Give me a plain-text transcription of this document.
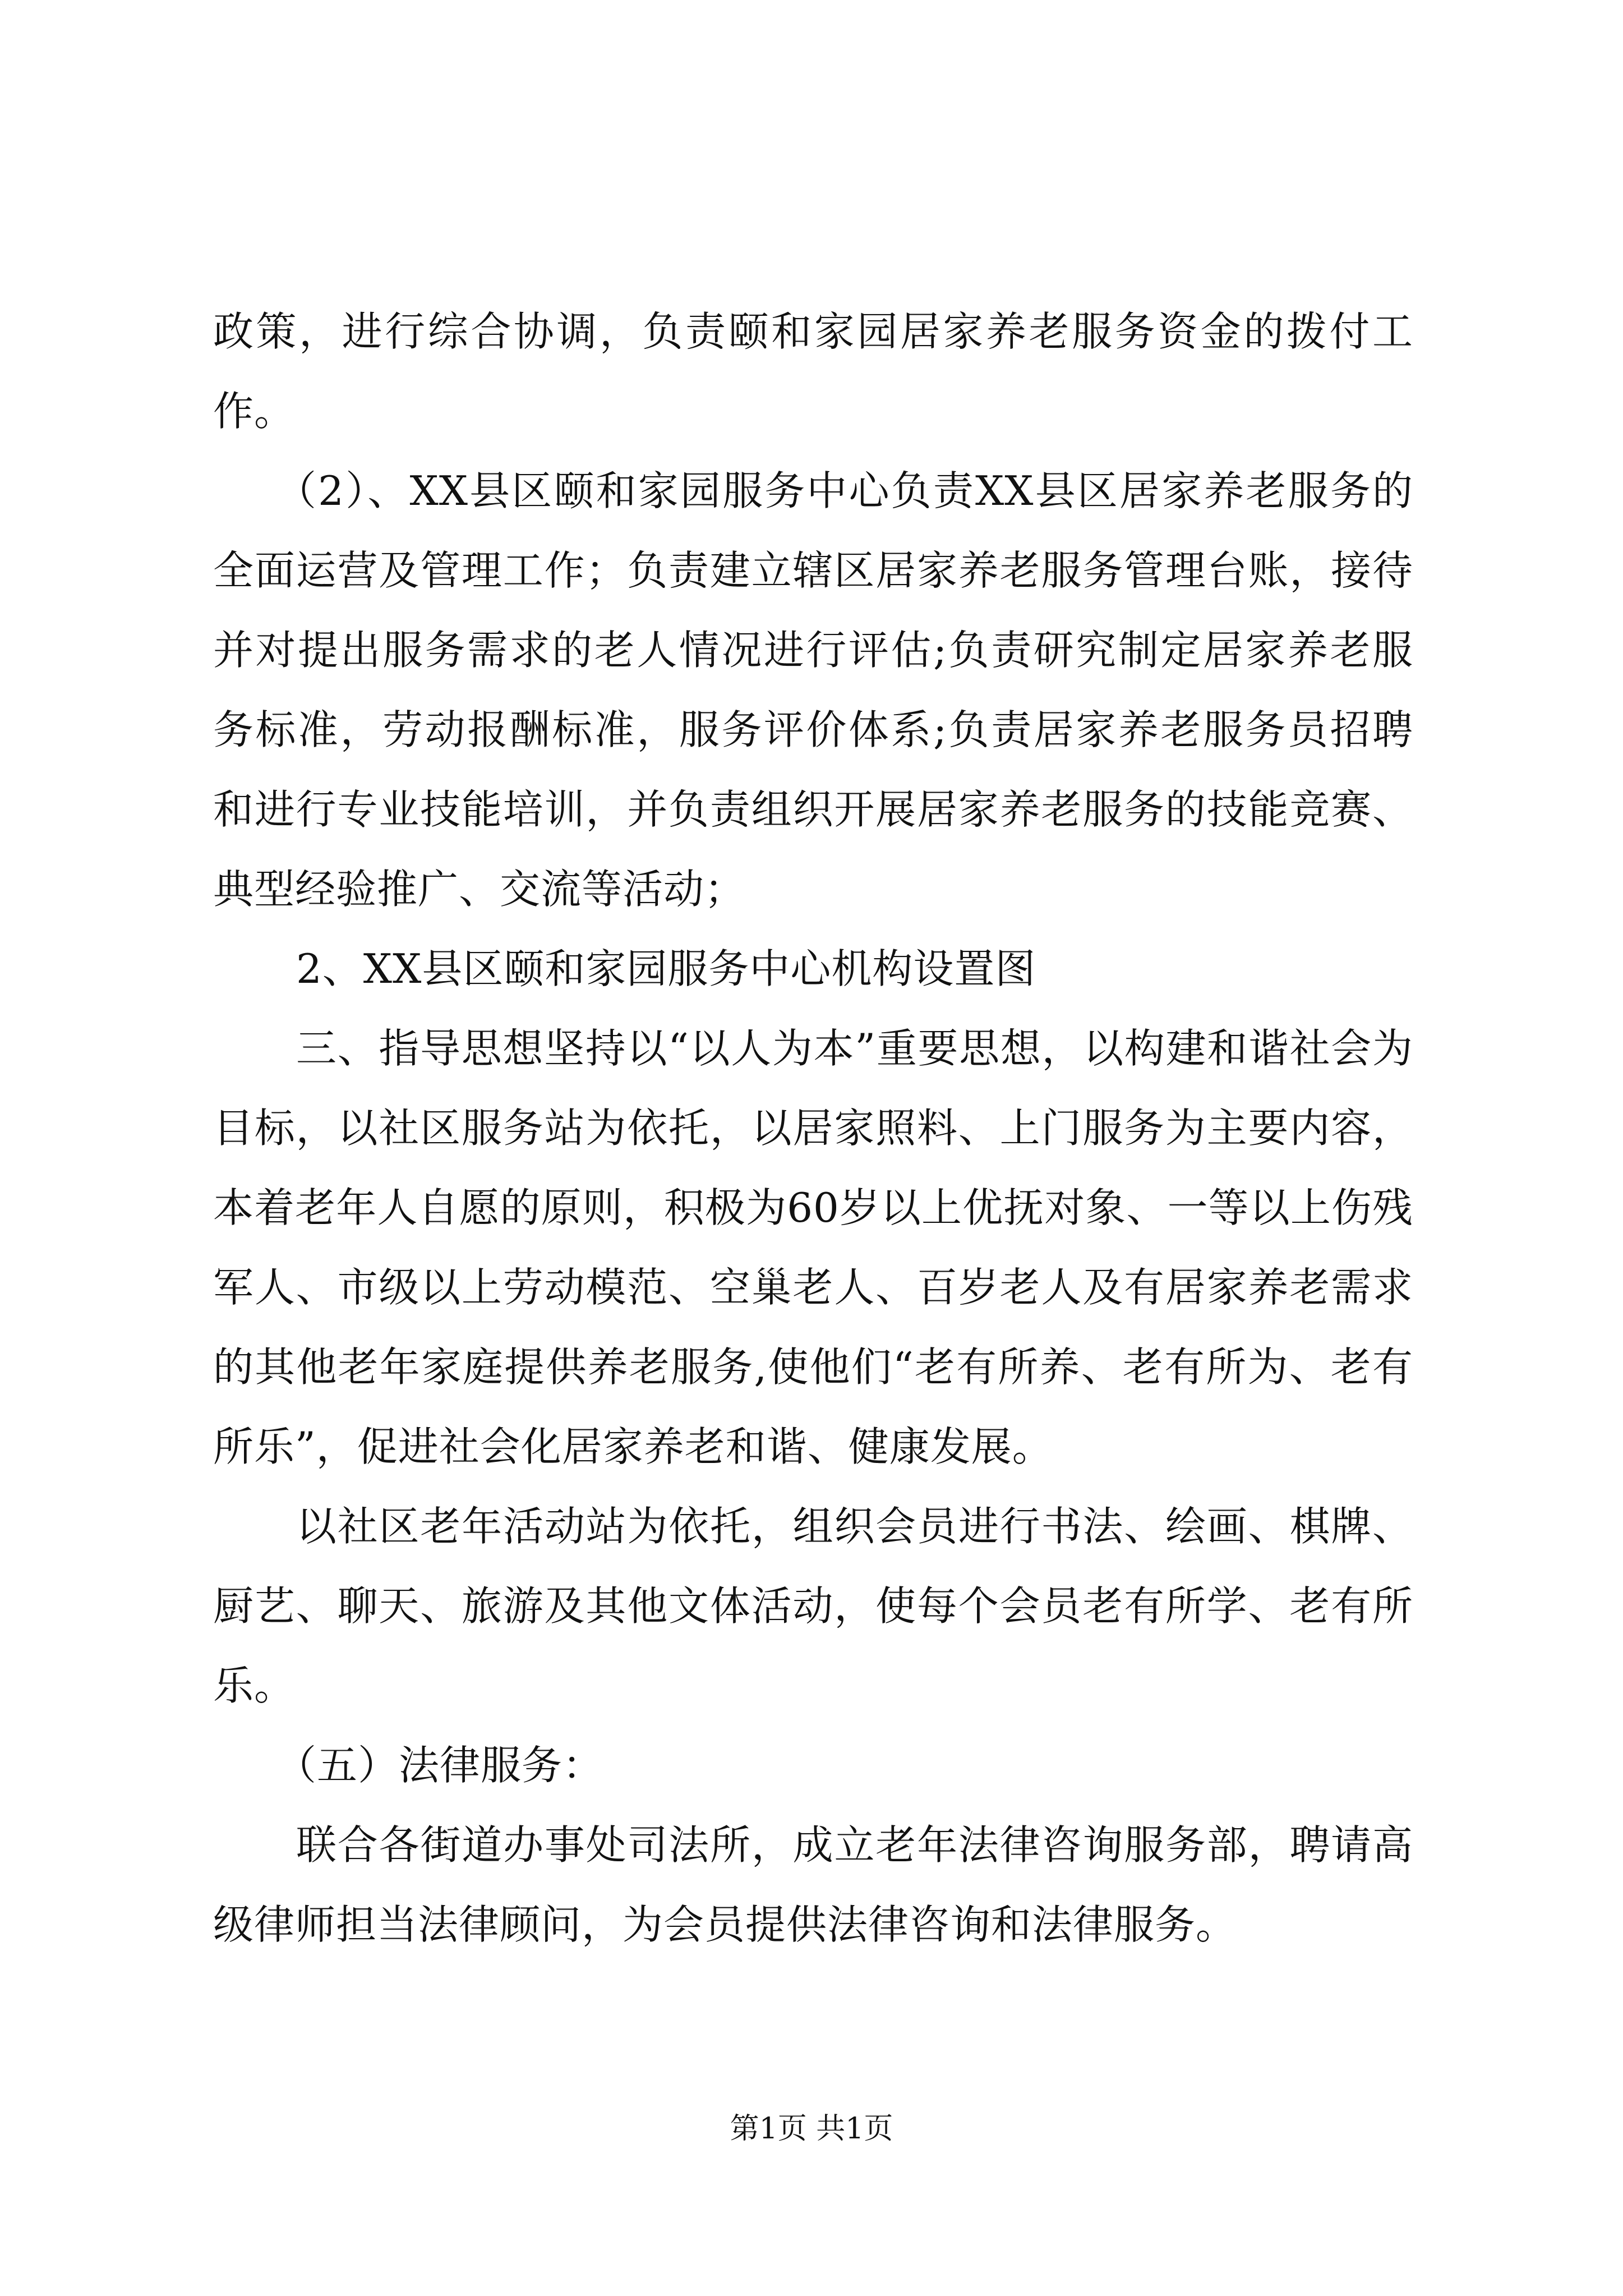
政策，进行综合协调，负责颐和家园居家养老服务资金的拨付工作。

（2）、XX县区颐和家园服务中心负责XX县区居家养老服务的全面运营及管理工作；负责建立辖区居家养老服务管理台账，接待并对提出服务需求的老人情况进行评估;负责研究制定居家养老服务标准，劳动报酬标准，服务评价体系;负责居家养老服务员招聘和进行专业技能培训，并负责组织开展居家养老服务的技能竞赛、典型经验推广、交流等活动；

2、XX县区颐和家园服务中心机构设置图

三、指导思想坚持以“以人为本”重要思想，以构建和谐社会为目标，以社区服务站为依托，以居家照料、上门服务为主要内容，本着老年人自愿的原则，积极为60岁以上优抚对象、一等以上伤残军人、市级以上劳动模范、空巢老人、百岁老人及有居家养老需求的其他老年家庭提供养老服务,使他们“老有所养、老有所为、老有所乐”，促进社会化居家养老和谐、健康发展。

以社区老年活动站为依托，组织会员进行书法、绘画、棋牌、厨艺、聊天、旅游及其他文体活动，使每个会员老有所学、老有所乐。

（五）法律服务：

联合各街道办事处司法所，成立老年法律咨询服务部，聘请高级律师担当法律顾问，为会员提供法律咨询和法律服务。

第1页 共1页
